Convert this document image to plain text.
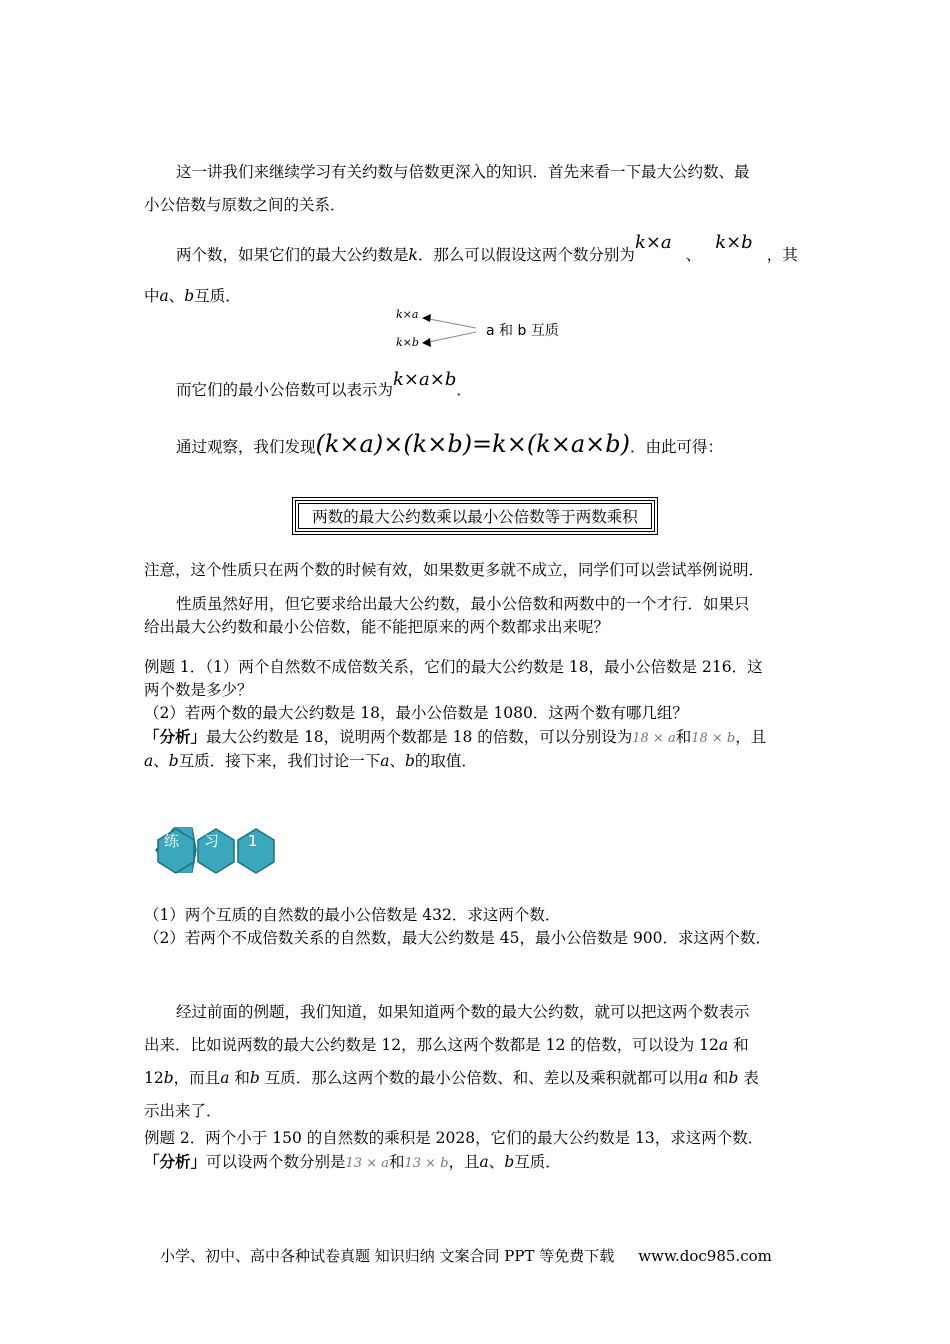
这一讲我们来继续学习有关约数与倍数更深入的知识．首先来看一下最大公约数、最
小公倍数与原数之间的关系．
两个数，如果它们的最大公约数是k．那么可以假设这两个数分别为k×a、k×b，其
中a、b互质．
k×a
k×b
a 和 b 互质
而它们的最小公倍数可以表示为k×a×b．
通过观察，我们发现(k×a)×(k×b)=k×(k×a×b)．由此可得：
两数的最大公约数乘以最小公倍数等于两数乘积
注意，这个性质只在两个数的时候有效，如果数更多就不成立，同学们可以尝试举例说明．
性质虽然好用，但它要求给出最大公约数，最小公倍数和两数中的一个才行．如果只
给出最大公约数和最小公倍数，能不能把原来的两个数都求出来呢？
例题 1．（1）两个自然数不成倍数关系，它们的最大公约数是 18，最小公倍数是 216．这
两个数是多少？
（2）若两个数的最大公约数是 18，最小公倍数是 1080．这两个数有哪几组？
「分析」最大公约数是 18，说明两个数都是 18 的倍数，可以分别设为18 × a和18 × b，且
a、b互质．接下来，我们讨论一下a、b的取值．
练 习 1
（1）两个互质的自然数的最小公倍数是 432．求这两个数．
（2）若两个不成倍数关系的自然数，最大公约数是 45，最小公倍数是 900．求这两个数．
经过前面的例题，我们知道，如果知道两个数的最大公约数，就可以把这两个数表示
出来．比如说两数的最大公约数是 12，那么这两个数都是 12 的倍数，可以设为 12a 和
12b，而且a 和b 互质．那么这两个数的最小公倍数、和、差以及乘积就都可以用a 和b 表
示出来了．
例题 2．两个小于 150 的自然数的乘积是 2028，它们的最大公约数是 13，求这两个数．
「分析」可以设两个数分别是13 × a和13 × b，且a、b互质．
小学、初中、高中各种试卷真题 知识归纳 文案合同 PPT 等免费下载 www.doc985.com
